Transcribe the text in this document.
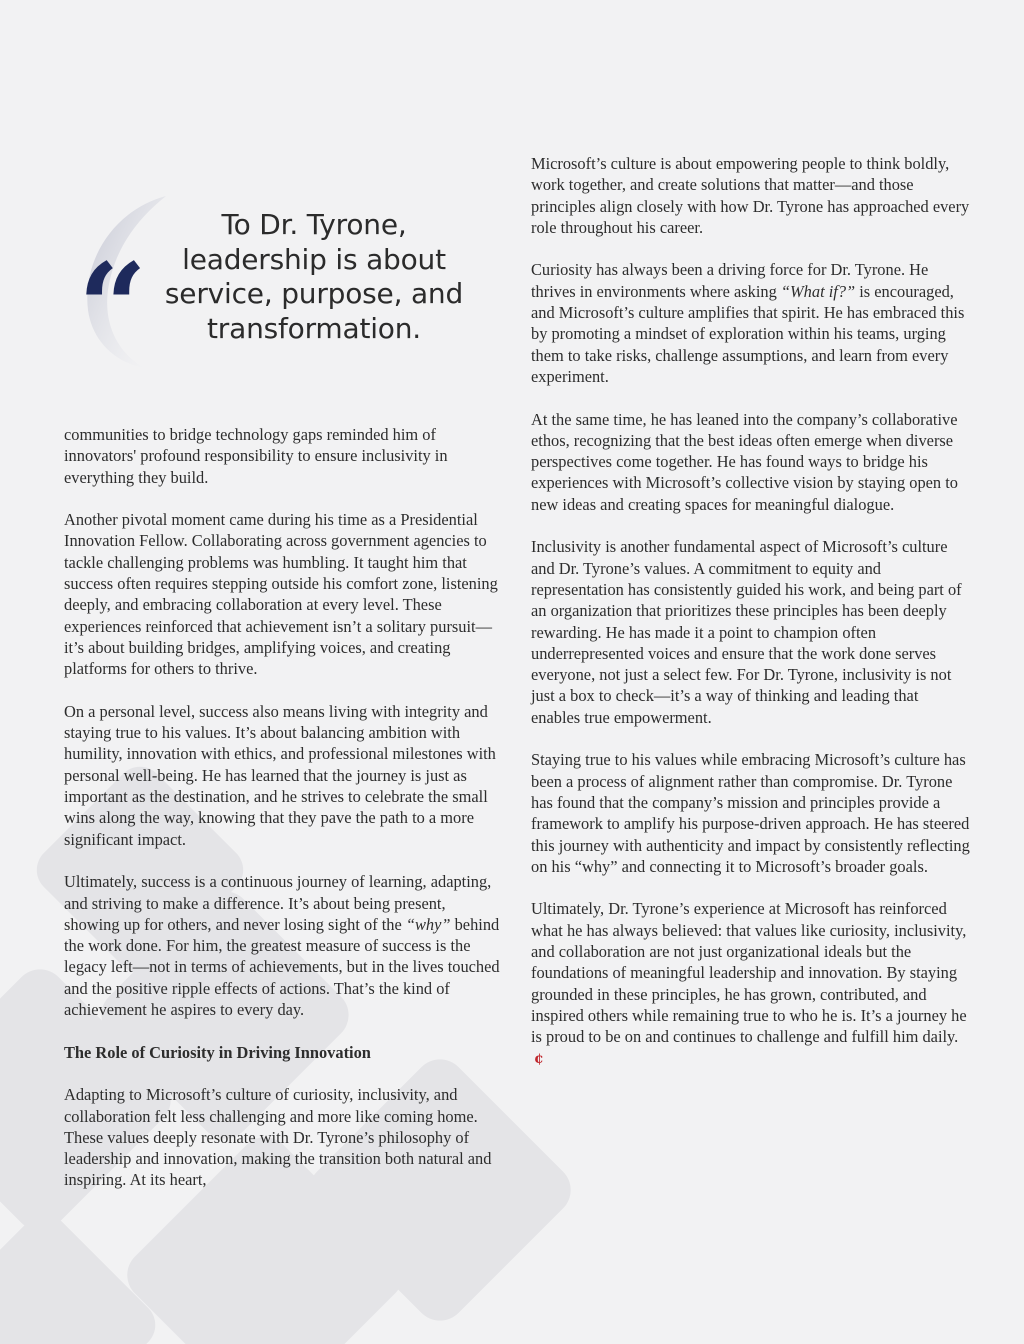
“
To Dr. Tyrone, leadership is about service, purpose, and transformation.

communities to bridge technology gaps reminded him of innovators' profound responsibility to ensure inclusivity in everything they build.

Another pivotal moment came during his time as a Presidential Innovation Fellow. Collaborating across government agencies to tackle challenging problems was humbling. It taught him that success often requires stepping outside his comfort zone, listening deeply, and embracing collaboration at every level. These experiences reinforced that achievement isn’t a solitary pursuit—it’s about building bridges, amplifying voices, and creating platforms for others to thrive.

On a personal level, success also means living with integrity and staying true to his values. It’s about balancing ambition with humility, innovation with ethics, and professional milestones with personal well-being. He has learned that the journey is just as important as the destination, and he strives to celebrate the small wins along the way, knowing that they pave the path to a more significant impact.

Ultimately, success is a continuous journey of learning, adapting, and striving to make a difference. It’s about being present, showing up for others, and never losing sight of the “why” behind the work done. For him, the greatest measure of success is the legacy left—not in terms of achievements, but in the lives touched and the positive ripple effects of actions. That’s the kind of achievement he aspires to every day.

The Role of Curiosity in Driving Innovation

Adapting to Microsoft’s culture of curiosity, inclusivity, and collaboration felt less challenging and more like coming home. These values deeply resonate with Dr. Tyrone’s philosophy of leadership and innovation, making the transition both natural and inspiring. At its heart,

Microsoft’s culture is about empowering people to think boldly, work together, and create solutions that matter—and those principles align closely with how Dr. Tyrone has approached every role throughout his career.

Curiosity has always been a driving force for Dr. Tyrone. He thrives in environments where asking “What if?” is encouraged, and Microsoft’s culture amplifies that spirit. He has embraced this by promoting a mindset of exploration within his teams, urging them to take risks, challenge assumptions, and learn from every experiment.

At the same time, he has leaned into the company’s collaborative ethos, recognizing that the best ideas often emerge when diverse perspectives come together. He has found ways to bridge his experiences with Microsoft’s collective vision by staying open to new ideas and creating spaces for meaningful dialogue.

Inclusivity is another fundamental aspect of Microsoft’s culture and Dr. Tyrone’s values. A commitment to equity and representation has consistently guided his work, and being part of an organization that prioritizes these principles has been deeply rewarding. He has made it a point to champion often underrepresented voices and ensure that the work done serves everyone, not just a select few. For Dr. Tyrone, inclusivity is not just a box to check—it’s a way of thinking and leading that enables true empowerment.

Staying true to his values while embracing Microsoft’s culture has been a process of alignment rather than compromise. Dr. Tyrone has found that the company’s mission and principles provide a framework to amplify his purpose-driven approach. He has steered this journey with authenticity and impact by consistently reflecting on his “why” and connecting it to Microsoft’s broader goals.

Ultimately, Dr. Tyrone’s experience at Microsoft has reinforced what he has always believed: that values like curiosity, inclusivity, and collaboration are not just organizational ideals but the foundations of meaningful leadership and innovation. By staying grounded in these principles, he has grown, contributed, and inspired others while remaining true to who he is. It’s a journey he is proud to be on and continues to challenge and fulfill him daily.¢
